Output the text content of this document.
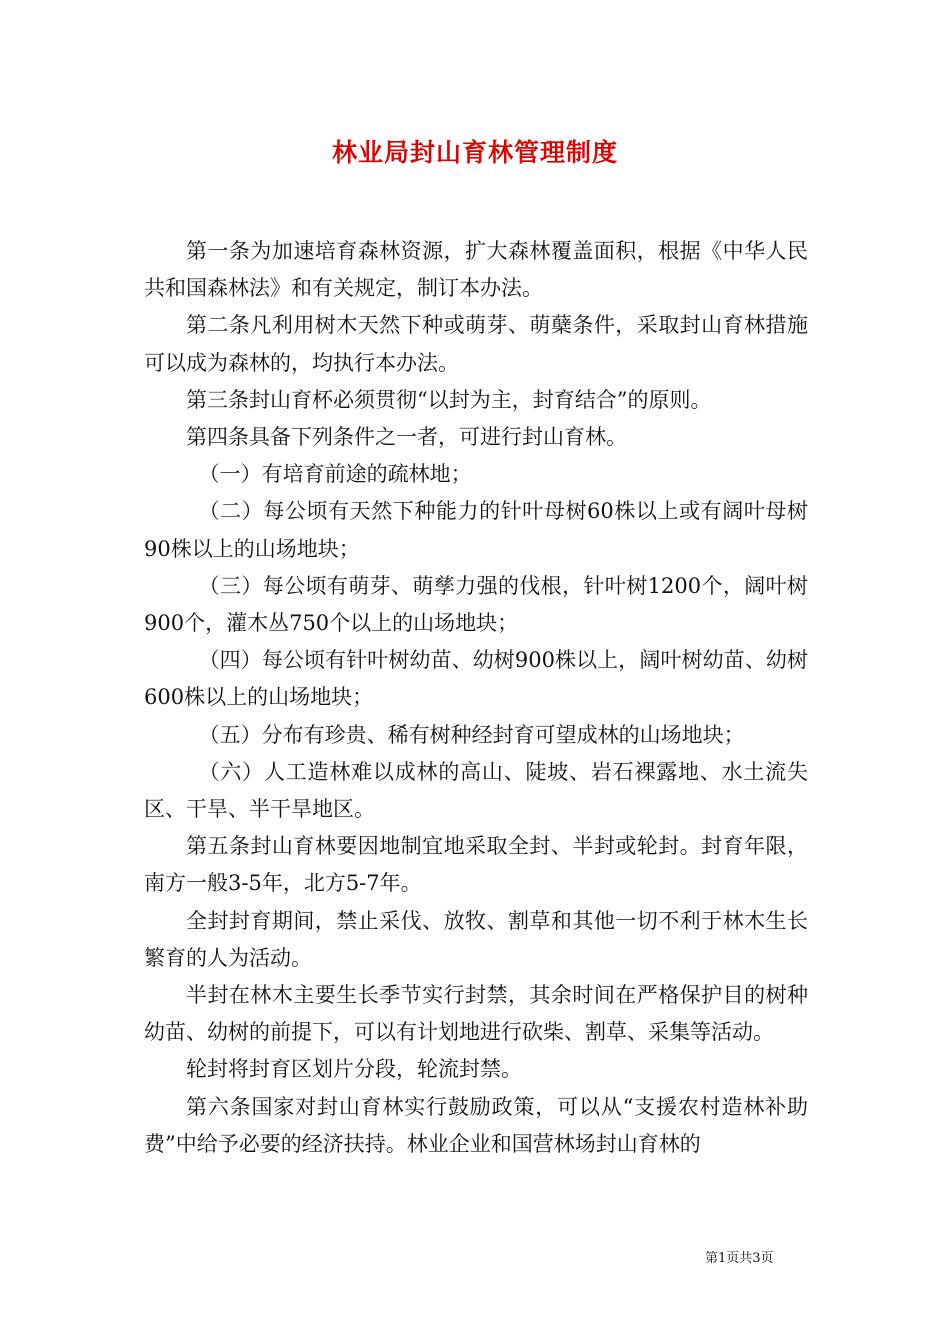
林业局封山育林管理制度

第一条为加速培育森林资源，扩大森林覆盖面积，根据《中华人民共和国森林法》和有关规定，制订本办法。

第二条凡利用树木天然下种或萌芽、萌蘖条件，采取封山育林措施可以成为森林的，均执行本办法。

第三条封山育杯必须贯彻“以封为主，封育结合”的原则。

第四条具备下列条件之一者，可进行封山育林。

（一）有培育前途的疏林地；

（二）每公顷有天然下种能力的针叶母树60株以上或有阔叶母树90株以上的山场地块；

（三）每公顷有萌芽、萌孳力强的伐根，针叶树1200个，阔叶树900个，灌木丛750个以上的山场地块；

（四）每公顷有针叶树幼苗、幼树900株以上，阔叶树幼苗、幼树600株以上的山场地块；

（五）分布有珍贵、稀有树种经封育可望成林的山场地块；

（六）人工造林难以成林的高山、陡坡、岩石裸露地、水土流失区、干旱、半干旱地区。

第五条封山育林要因地制宜地采取全封、半封或轮封。封育年限，南方一般3-5年，北方5-7年。

全封封育期间，禁止采伐、放牧、割草和其他一切不利于林木生长繁育的人为活动。

半封在林木主要生长季节实行封禁，其余时间在严格保护目的树种幼苗、幼树的前提下，可以有计划地进行砍柴、割草、采集等活动。

轮封将封育区划片分段，轮流封禁。

第六条国家对封山育林实行鼓励政策，可以从“支援农村造林补助费”中给予必要的经济扶持。林业企业和国营林场封山育林的

第1页共3页
